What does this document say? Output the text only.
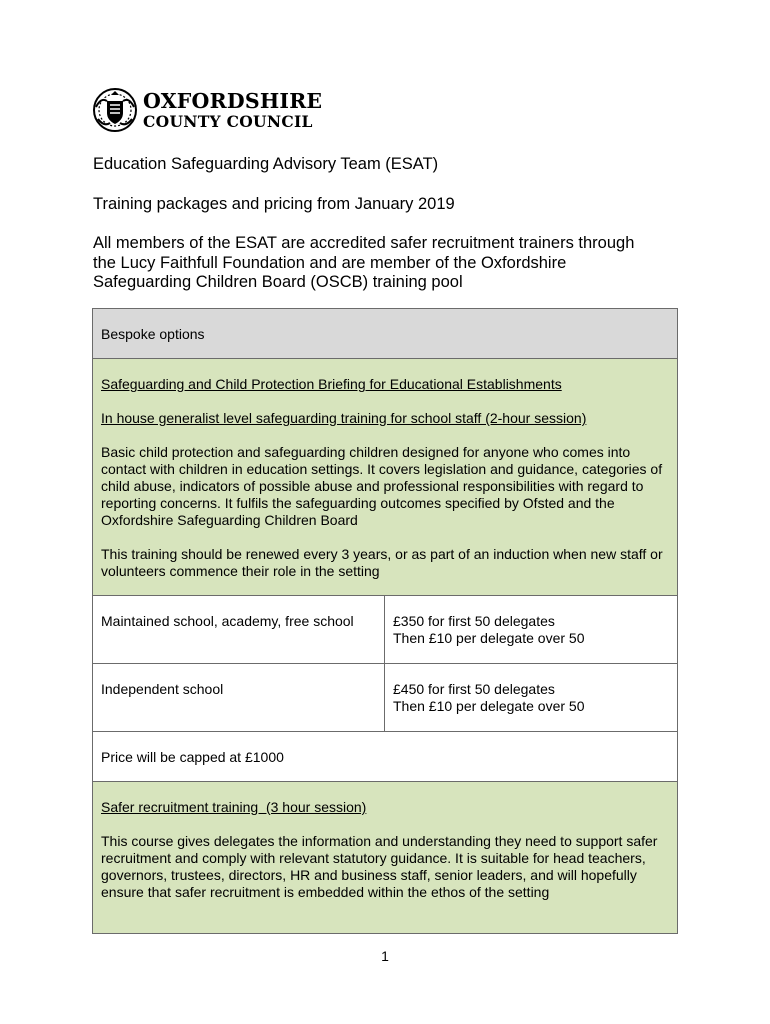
OXFORDSHIRE
COUNTY COUNCIL

Education Safeguarding Advisory Team (ESAT)

Training packages and pricing from January 2019

All members of the ESAT are accredited safer recruitment trainers through the Lucy Faithfull Foundation and are member of the Oxfordshire Safeguarding Children Board (OSCB) training pool

Bespoke options	

Safeguarding and Child Protection Briefing for Educational Establishments

In house generalist level safeguarding training for school staff (2-hour session)

Basic child protection and safeguarding children designed for anyone who comes into contact with children in education settings. It covers legislation and guidance, categories of child abuse, indicators of possible abuse and professional responsibilities with regard to reporting concerns. It fulfils the safeguarding outcomes specified by Ofsted and the Oxfordshire Safeguarding Children Board

This training should be renewed every 3 years, or as part of an induction when new staff or volunteers commence their role in the setting	

Maintained school, academy, free school	£350 for first 50 delegates

Then £10 per delegate over 50

Independent school	£450 for first 50 delegates

Then £10 per delegate over 50

Price will be capped at £1000	

Safer recruitment training  (3 hour session)

This course gives delegates the information and understanding they need to support safer recruitment and comply with relevant statutory guidance. It is suitable for head teachers, governors, trustees, directors, HR and business staff, senior leaders, and will hopefully ensure that safer recruitment is embedded within the ethos of the setting	

1
